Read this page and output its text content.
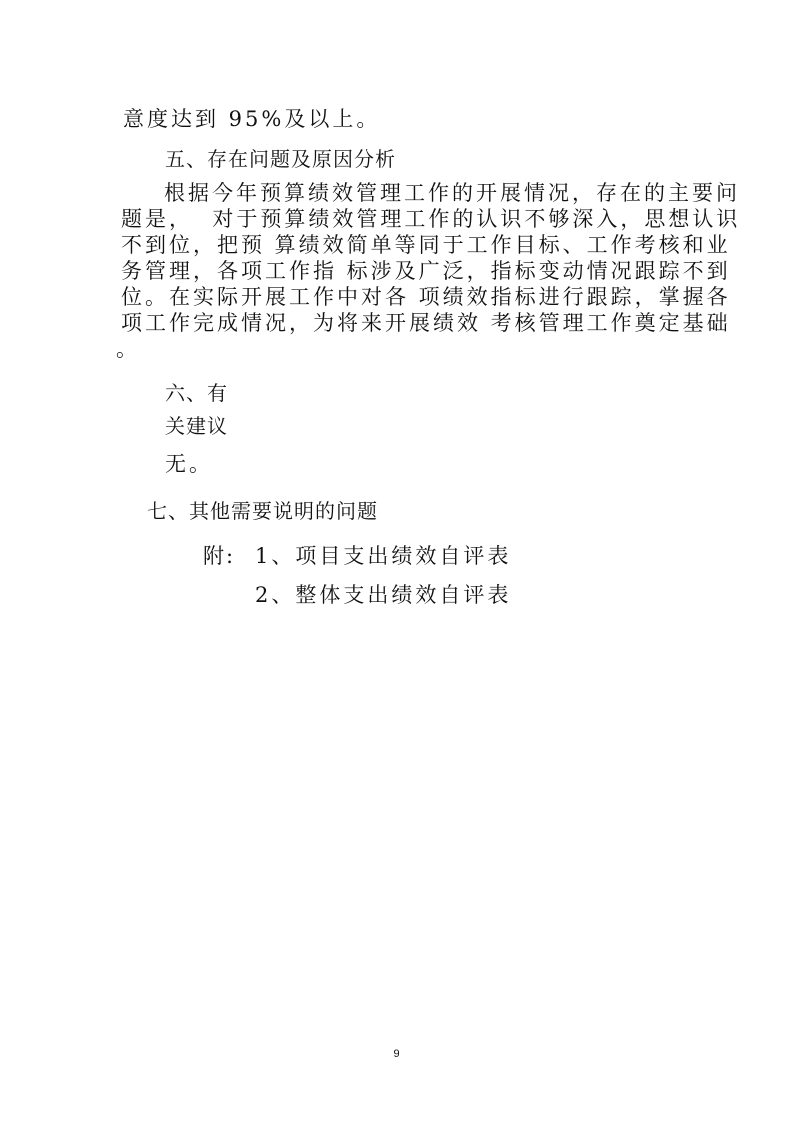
意度达到 95%及以上。

五、存在问题及原因分析

根据今年预算绩效管理工作的开展情况，存在的主要问

题是，  对于预算绩效管理工作的认识不够深入，思想认识

不到位，把预 算绩效简单等同于工作目标、工作考核和业

务管理，各项工作指 标涉及广泛，指标变动情况跟踪不到

位。在实际开展工作中对各 项绩效指标进行跟踪，掌握各

项工作完成情况，为将来开展绩效 考核管理工作奠定基础

。

六、有
关建议

无。

七、其他需要说明的问题

附: 1、项目支出绩效自评表

2、整体支出绩效自评表

9
